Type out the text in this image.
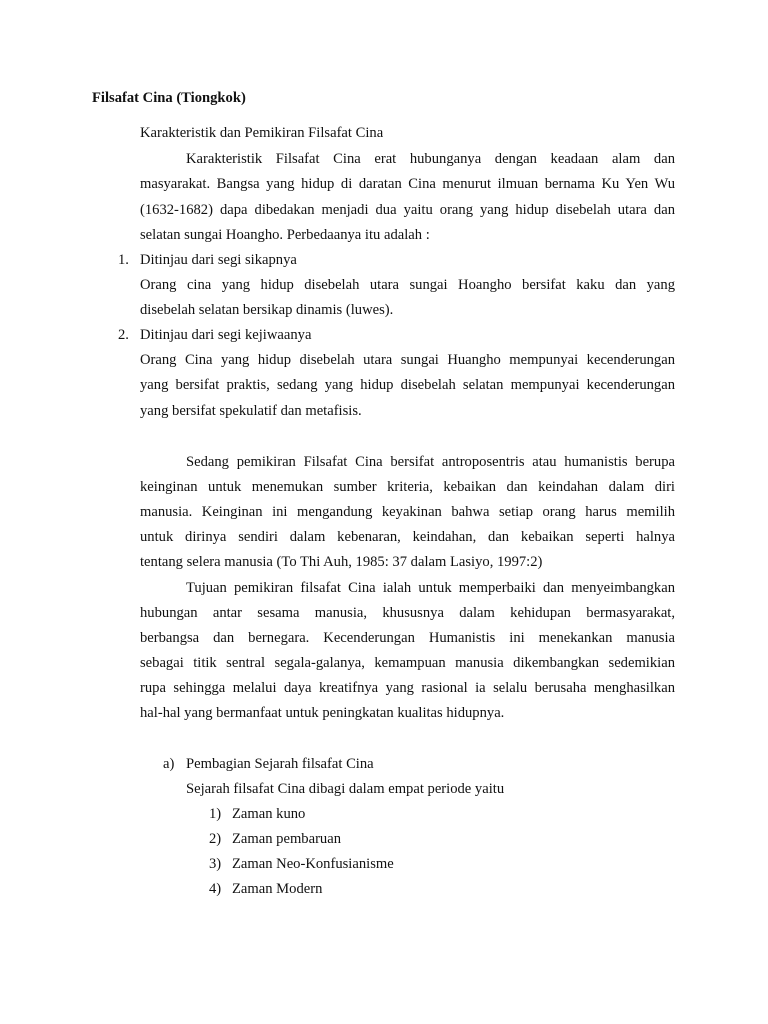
Filsafat Cina (Tiongkok)
Karakteristik dan Pemikiran Filsafat Cina
Karakteristik Filsafat Cina erat hubunganya dengan keadaan alam dan
masyarakat. Bangsa yang hidup di daratan Cina menurut ilmuan bernama Ku Yen Wu
(1632-1682) dapa dibedakan menjadi dua yaitu orang yang hidup disebelah utara dan
selatan sungai Hoangho. Perbedaanya itu adalah :
1. Ditinjau dari segi sikapnya
Orang cina yang hidup disebelah utara sungai Hoangho bersifat kaku dan yang
disebelah selatan bersikap dinamis (luwes).
2. Ditinjau dari segi kejiwaanya
Orang Cina yang hidup disebelah utara sungai Huangho mempunyai kecenderungan
yang bersifat praktis, sedang yang hidup disebelah selatan mempunyai kecenderungan
yang bersifat spekulatif dan metafisis.
Sedang pemikiran Filsafat Cina bersifat antroposentris atau humanistis berupa
keinginan untuk menemukan sumber kriteria, kebaikan dan keindahan dalam diri
manusia. Keinginan ini mengandung keyakinan bahwa setiap orang harus memilih
untuk dirinya sendiri dalam kebenaran, keindahan, dan kebaikan seperti halnya
tentang selera manusia (To Thi Auh, 1985: 37 dalam Lasiyo, 1997:2)
Tujuan pemikiran filsafat Cina ialah untuk memperbaiki dan menyeimbangkan
hubungan antar sesama manusia, khususnya dalam kehidupan bermasyarakat,
berbangsa dan bernegara. Kecenderungan Humanistis ini menekankan manusia
sebagai titik sentral segala-galanya, kemampuan manusia dikembangkan sedemikian
rupa sehingga melalui daya kreatifnya yang rasional ia selalu berusaha menghasilkan
hal-hal yang bermanfaat untuk peningkatan kualitas hidupnya.
a) Pembagian Sejarah filsafat Cina
Sejarah filsafat Cina dibagi dalam empat periode yaitu
1) Zaman kuno
2) Zaman pembaruan
3) Zaman Neo-Konfusianisme
4) Zaman Modern
